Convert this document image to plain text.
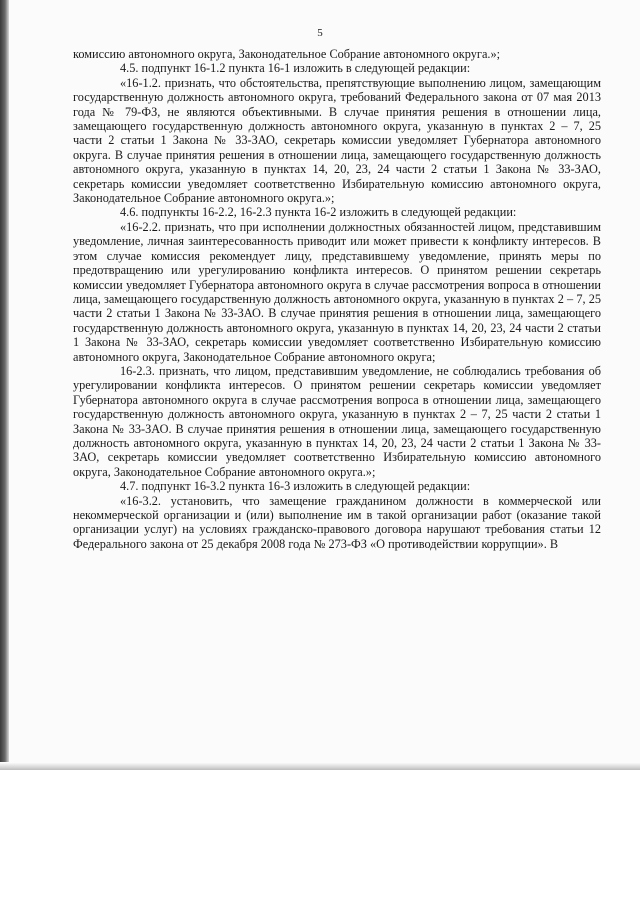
5

комиссию автономного округа, Законодательное Собрание автономного округа.»;

4.5. подпункт 16-1.2 пункта 16-1 изложить в следующей редакции:

«16-1.2. признать, что обстоятельства, препятствующие выполнению лицом, замещающим государственную должность автономного округа, требований Федерального закона от 07 мая 2013 года № 79-ФЗ, не являются объективными. В случае принятия решения в отношении лица, замещающего государственную должность автономного округа, указанную в пунктах 2 – 7, 25 части 2 статьи 1 Закона № 33-ЗАО, секретарь комиссии уведомляет Губернатора автономного округа. В случае принятия решения в отношении лица, замещающего государственную должность автономного округа, указанную в пунктах 14, 20, 23, 24 части 2 статьи 1 Закона № 33-ЗАО, секретарь комиссии уведомляет соответственно Избирательную комиссию автономного округа, Законодательное Собрание автономного округа.»;

4.6. подпункты 16-2.2, 16-2.3 пункта 16-2 изложить в следующей редакции:

«16-2.2. признать, что при исполнении должностных обязанностей лицом, представившим уведомление, личная заинтересованность приводит или может привести к конфликту интересов. В этом случае комиссия рекомендует лицу, представившему уведомление, принять меры по предотвращению или урегулированию конфликта интересов. О принятом решении секретарь комиссии уведомляет Губернатора автономного округа в случае рассмотрения вопроса в отношении лица, замещающего государственную должность автономного округа, указанную в пунктах 2 – 7, 25 части 2 статьи 1 Закона № 33-ЗАО. В случае принятия решения в отношении лица, замещающего государственную должность автономного округа, указанную в пунктах 14, 20, 23, 24 части 2 статьи 1 Закона № 33-ЗАО, секретарь комиссии уведомляет соответственно Избирательную комиссию автономного округа, Законодательное Собрание автономного округа;

16-2.3. признать, что лицом, представившим уведомление, не соблюдались требования об урегулировании конфликта интересов. О принятом решении секретарь комиссии уведомляет Губернатора автономного округа в случае рассмотрения вопроса в отношении лица, замещающего государственную должность автономного округа, указанную в пунктах 2 – 7, 25 части 2 статьи 1 Закона № 33-ЗАО. В случае принятия решения в отношении лица, замещающего государственную должность автономного округа, указанную в пунктах 14, 20, 23, 24 части 2 статьи 1 Закона № 33-ЗАО, секретарь комиссии уведомляет соответственно Избирательную комиссию автономного округа, Законодательное Собрание автономного округа.»;

4.7. подпункт 16-3.2 пункта 16-3 изложить в следующей редакции:

«16-3.2. установить, что замещение гражданином должности в коммерческой или некоммерческой организации и (или) выполнение им в такой организации работ (оказание такой организации услуг) на условиях гражданско-правового договора нарушают требования статьи 12 Федерального закона от 25 декабря 2008 года № 273-ФЗ «О противодействии коррупции». В
